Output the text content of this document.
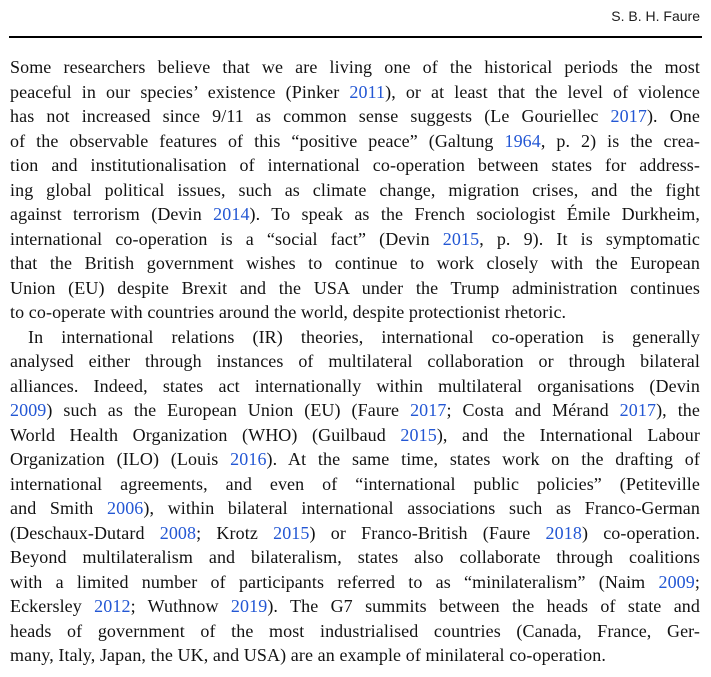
S. B. H. Faure
Some researchers believe that we are living one of the historical periods the most
peaceful in our species’ existence (Pinker 2011), or at least that the level of violence
has not increased since 9/11 as common sense suggests (Le Gouriellec 2017). One
of the observable features of this “positive peace” (Galtung 1964, p. 2) is the crea-
tion and institutionalisation of international co-operation between states for address-
ing global political issues, such as climate change, migration crises, and the fight
against terrorism (Devin 2014). To speak as the French sociologist Émile Durkheim,
international co-operation is a “social fact” (Devin 2015, p. 9). It is symptomatic
that the British government wishes to continue to work closely with the European
Union (EU) despite Brexit and the USA under the Trump administration continues
to co-operate with countries around the world, despite protectionist rhetoric.
In international relations (IR) theories, international co-operation is generally
analysed either through instances of multilateral collaboration or through bilateral
alliances. Indeed, states act internationally within multilateral organisations (Devin
2009) such as the European Union (EU) (Faure 2017; Costa and Mérand 2017), the
World Health Organization (WHO) (Guilbaud 2015), and the International Labour
Organization (ILO) (Louis 2016). At the same time, states work on the drafting of
international agreements, and even of “international public policies” (Petiteville
and Smith 2006), within bilateral international associations such as Franco-German
(Deschaux-Dutard 2008; Krotz 2015) or Franco-British (Faure 2018) co-operation.
Beyond multilateralism and bilateralism, states also collaborate through coalitions
with a limited number of participants referred to as “minilateralism” (Naim 2009;
Eckersley 2012; Wuthnow 2019). The G7 summits between the heads of state and
heads of government of the most industrialised countries (Canada, France, Ger-
many, Italy, Japan, the UK, and USA) are an example of minilateral co-operation.
